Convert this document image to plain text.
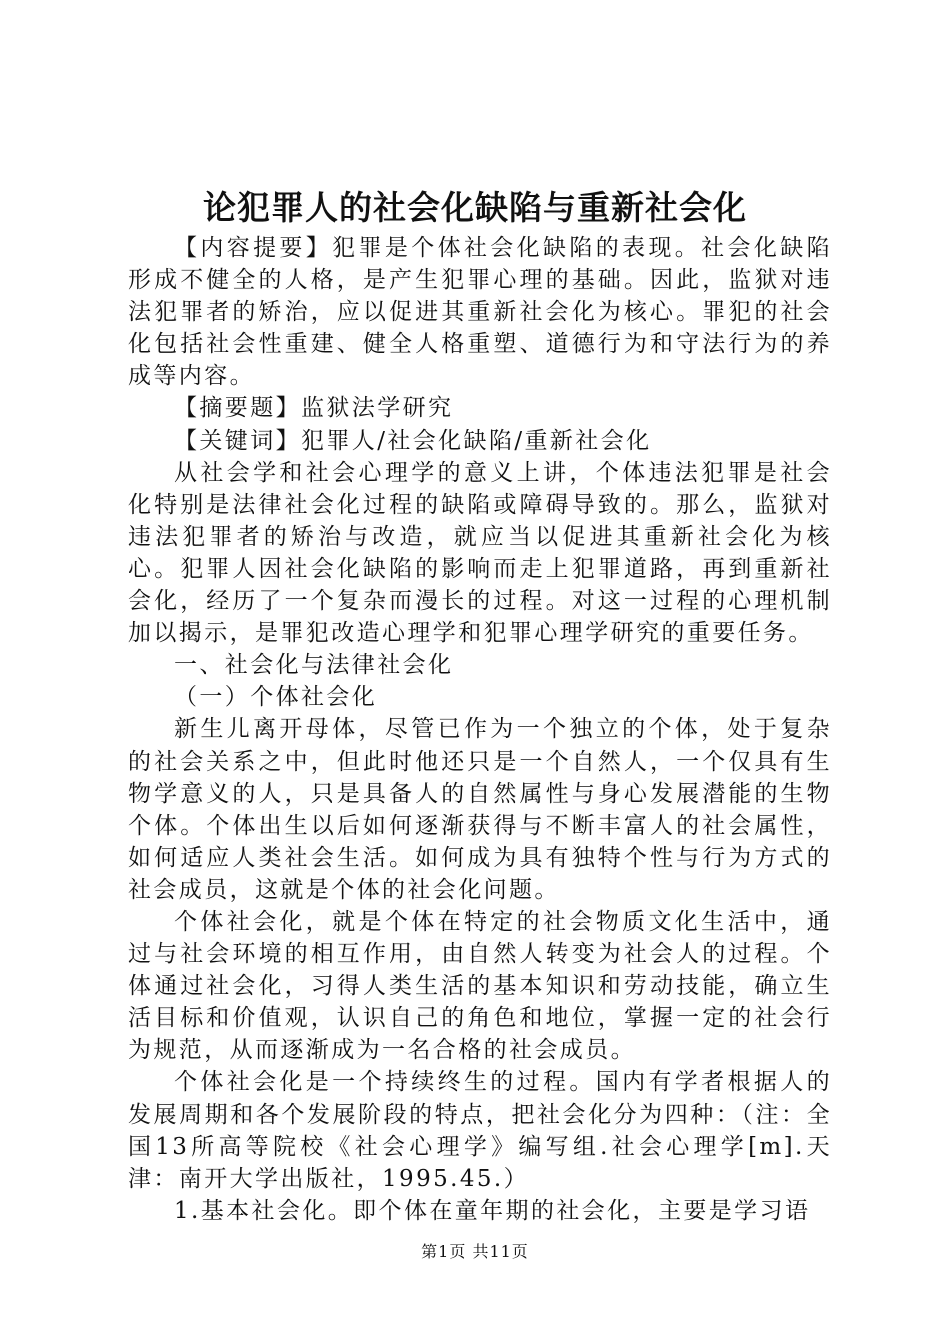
论犯罪人的社会化缺陷与重新社会化

【内容提要】犯罪是个体社会化缺陷的表现。社会化缺陷形成不健全的人格，是产生犯罪心理的基础。因此，监狱对违法犯罪者的矫治，应以促进其重新社会化为核心。罪犯的社会化包括社会性重建、健全人格重塑、道德行为和守法行为的养成等内容。

【摘要题】监狱法学研究

【关键词】犯罪人/社会化缺陷/重新社会化

从社会学和社会心理学的意义上讲，个体违法犯罪是社会化特别是法律社会化过程的缺陷或障碍导致的。那么，监狱对违法犯罪者的矫治与改造，就应当以促进其重新社会化为核心。犯罪人因社会化缺陷的影响而走上犯罪道路，再到重新社会化，经历了一个复杂而漫长的过程。对这一过程的心理机制加以揭示，是罪犯改造心理学和犯罪心理学研究的重要任务。

一、社会化与法律社会化

（一）个体社会化

新生儿离开母体，尽管已作为一个独立的个体，处于复杂的社会关系之中，但此时他还只是一个自然人，一个仅具有生物学意义的人，只是具备人的自然属性与身心发展潜能的生物个体。个体出生以后如何逐渐获得与不断丰富人的社会属性，如何适应人类社会生活。如何成为具有独特个性与行为方式的社会成员，这就是个体的社会化问题。

个体社会化，就是个体在特定的社会物质文化生活中，通过与社会环境的相互作用，由自然人转变为社会人的过程。个体通过社会化，习得人类生活的基本知识和劳动技能，确立生活目标和价值观，认识自己的角色和地位，掌握一定的社会行为规范，从而逐渐成为一名合格的社会成员。

个体社会化是一个持续终生的过程。国内有学者根据人的发展周期和各个发展阶段的特点，把社会化分为四种：（注：全国13所高等院校《社会心理学》编写组.社会心理学[m].天津：南开大学出版社，1995.45.）

1.基本社会化。即个体在童年期的社会化，主要是学习语

第1页 共11页
